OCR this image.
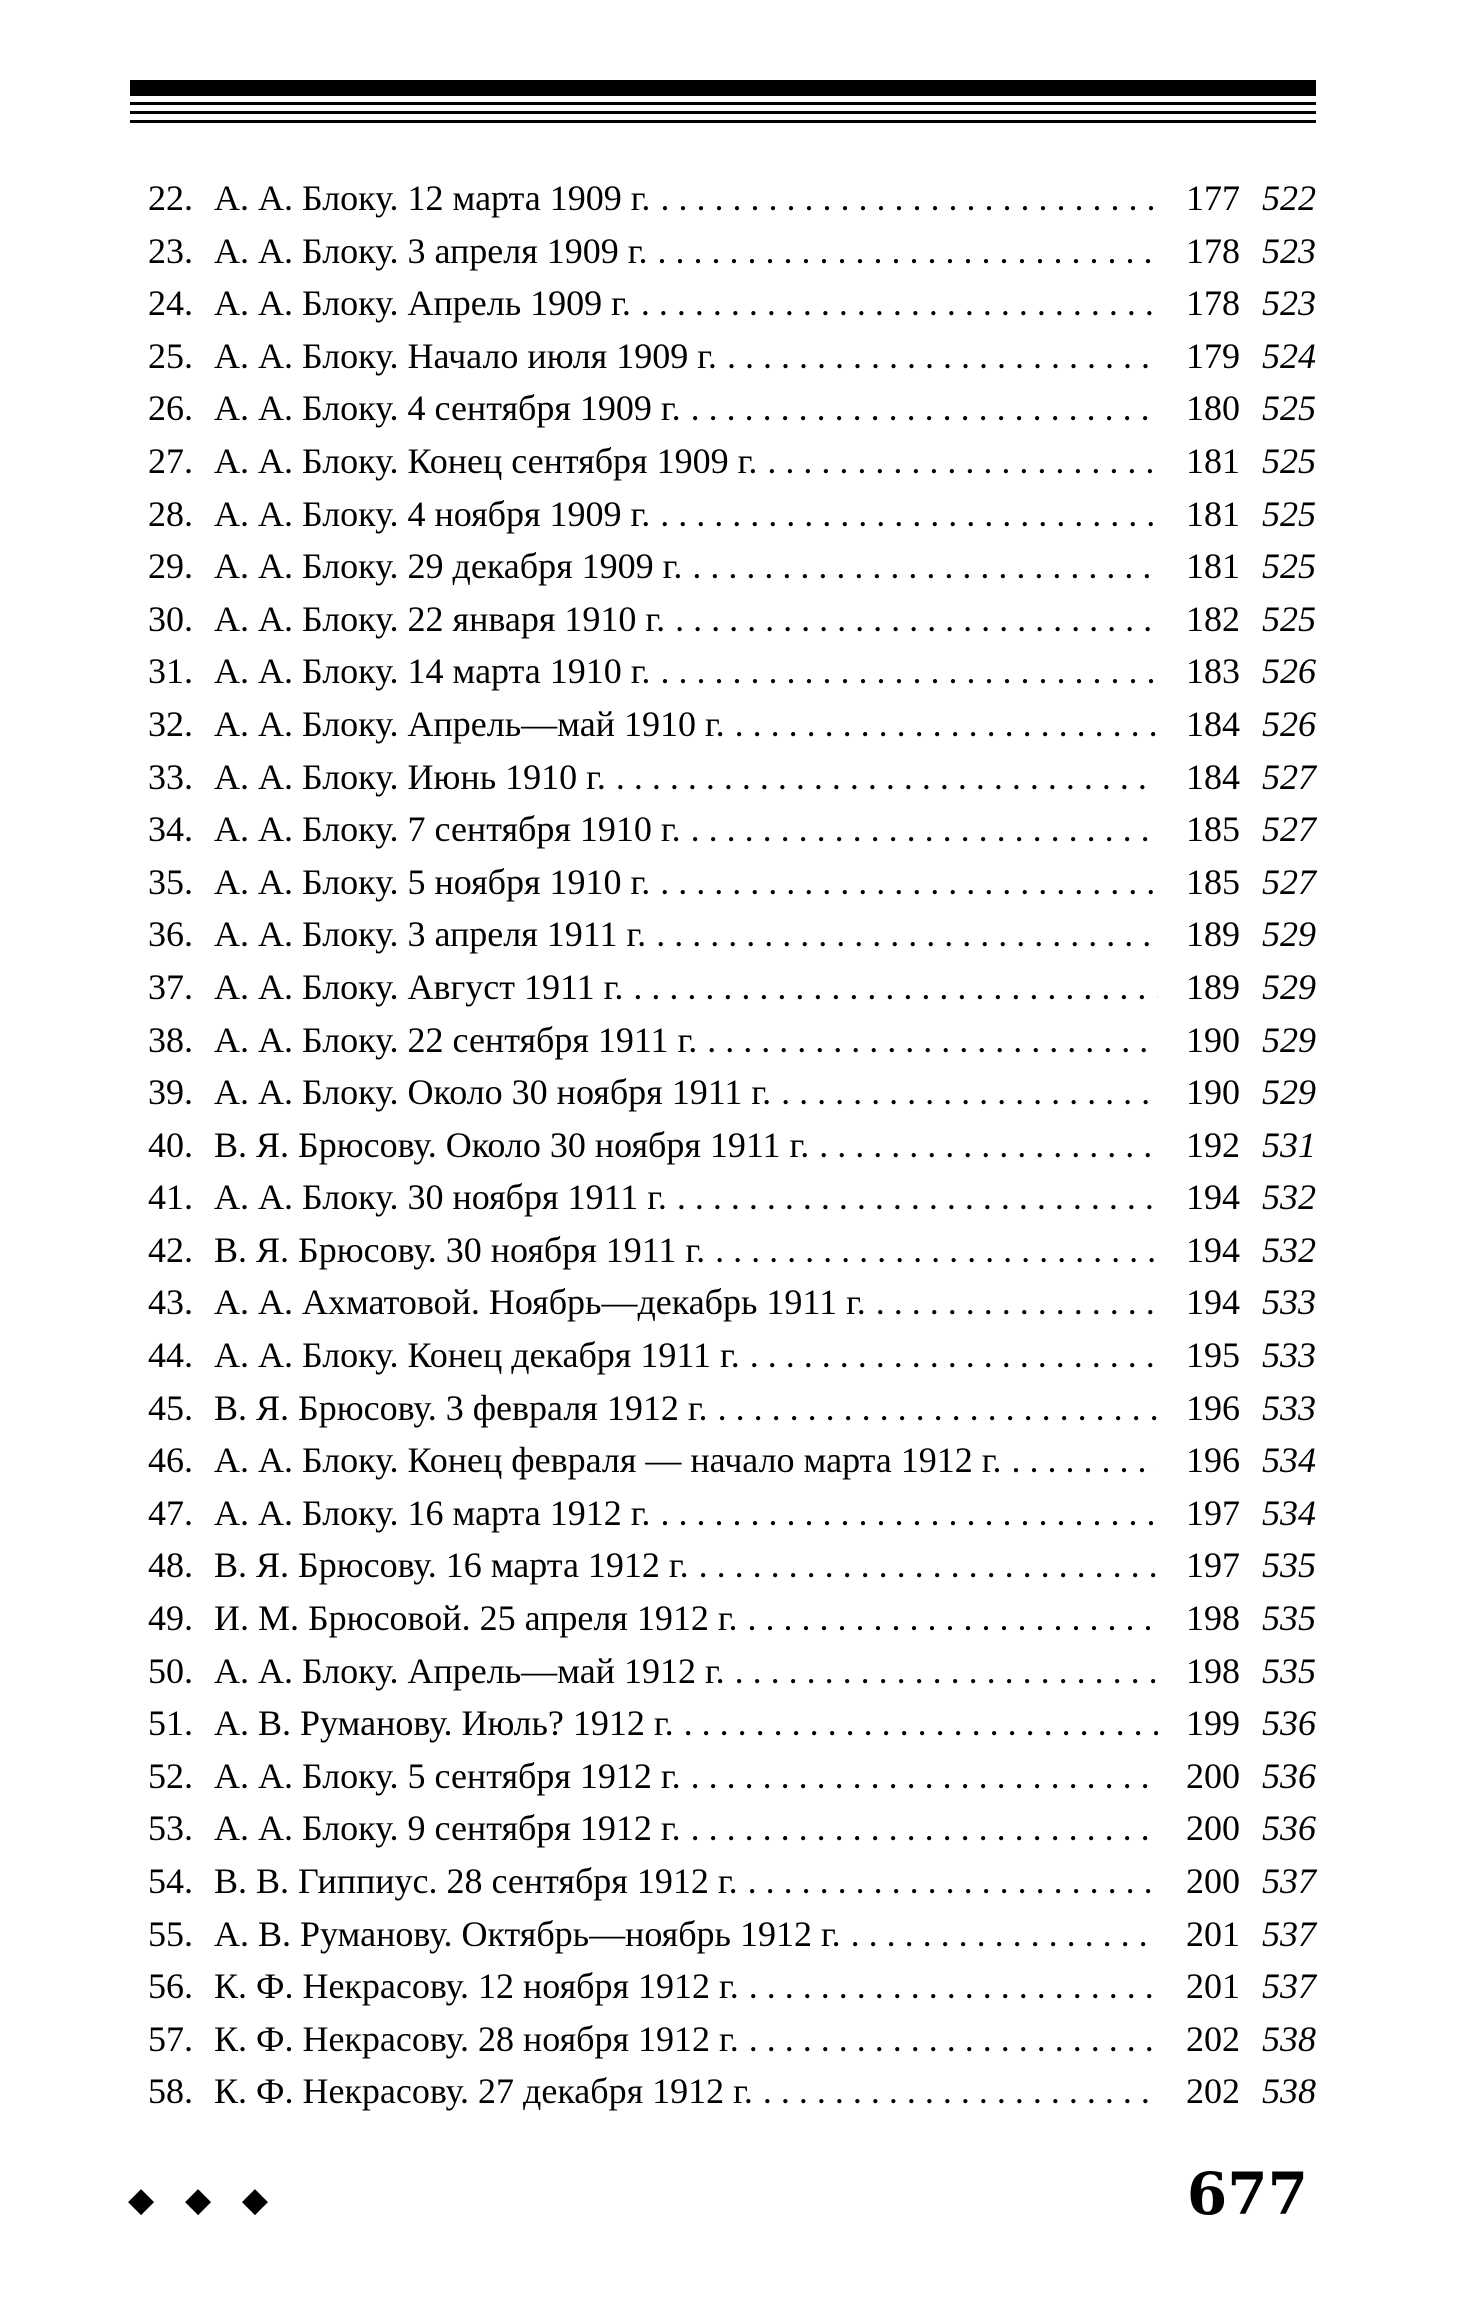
22. А. А. Блоку. 12 марта 1909 г. . . .	177 522
23. А. А. Блоку. 3 апреля 1909 г. . . .	178 523
24. А. А. Блоку. Апрель 1909 г. . . .	178 523
25. А. А. Блоку. Начало июля 1909 г. . . .	179 524
26. А. А. Блоку. 4 сентября 1909 г. . . .	180 525
27. А. А. Блоку. Конец сентября 1909 г. . . .	181 525
28. А. А. Блоку. 4 ноября 1909 г. . . .	181 525
29. А. А. Блоку. 29 декабря 1909 г. . . .	181 525
30. А. А. Блоку. 22 января 1910 г. . . .	182 525
31. А. А. Блоку. 14 марта 1910 г. . . .	183 526
32. А. А. Блоку. Апрель—май 1910 г. . . .	184 526
33. А. А. Блоку. Июнь 1910 г. . . .	184 527
34. А. А. Блоку. 7 сентября 1910 г. . . .	185 527
35. А. А. Блоку. 5 ноября 1910 г. . . .	185 527
36. А. А. Блоку. 3 апреля 1911 г. . . .	189 529
37. А. А. Блоку. Август 1911 г. . . .	189 529
38. А. А. Блоку. 22 сентября 1911 г. . . .	190 529
39. А. А. Блоку. Около 30 ноября 1911 г. . . .	190 529
40. В. Я. Брюсову. Около 30 ноября 1911 г. . . .	192 531
41. А. А. Блоку. 30 ноября 1911 г. . . .	194 532
42. В. Я. Брюсову. 30 ноября 1911 г. . . .	194 532
43. А. А. Ахматовой. Ноябрь—декабрь 1911 г. . . .	194 533
44. А. А. Блоку. Конец декабря 1911 г. . . .	195 533
45. В. Я. Брюсову. 3 февраля 1912 г. . . .	196 533
46. А. А. Блоку. Конец февраля — начало марта 1912 г. . . .	196 534
47. А. А. Блоку. 16 марта 1912 г. . . .	197 534
48. В. Я. Брюсову. 16 марта 1912 г. . . .	197 535
49. И. М. Брюсовой. 25 апреля 1912 г. . . .	198 535
50. А. А. Блоку. Апрель—май 1912 г. . . .	198 535
51. А. В. Руманову. Июль? 1912 г. . . .	199 536
52. А. А. Блоку. 5 сентября 1912 г. . . .	200 536
53. А. А. Блоку. 9 сентября 1912 г. . . .	200 536
54. В. В. Гиппиус. 28 сентября 1912 г. . . .	200 537
55. А. В. Руманову. Октябрь—ноябрь 1912 г. . . .	201 537
56. К. Ф. Некрасову. 12 ноября 1912 г. . . .	201 537
57. К. Ф. Некрасову. 28 ноября 1912 г. . . .	202 538
58. К. Ф. Некрасову. 27 декабря 1912 г. . . .	202 538
◆ ◆ ◆	677
